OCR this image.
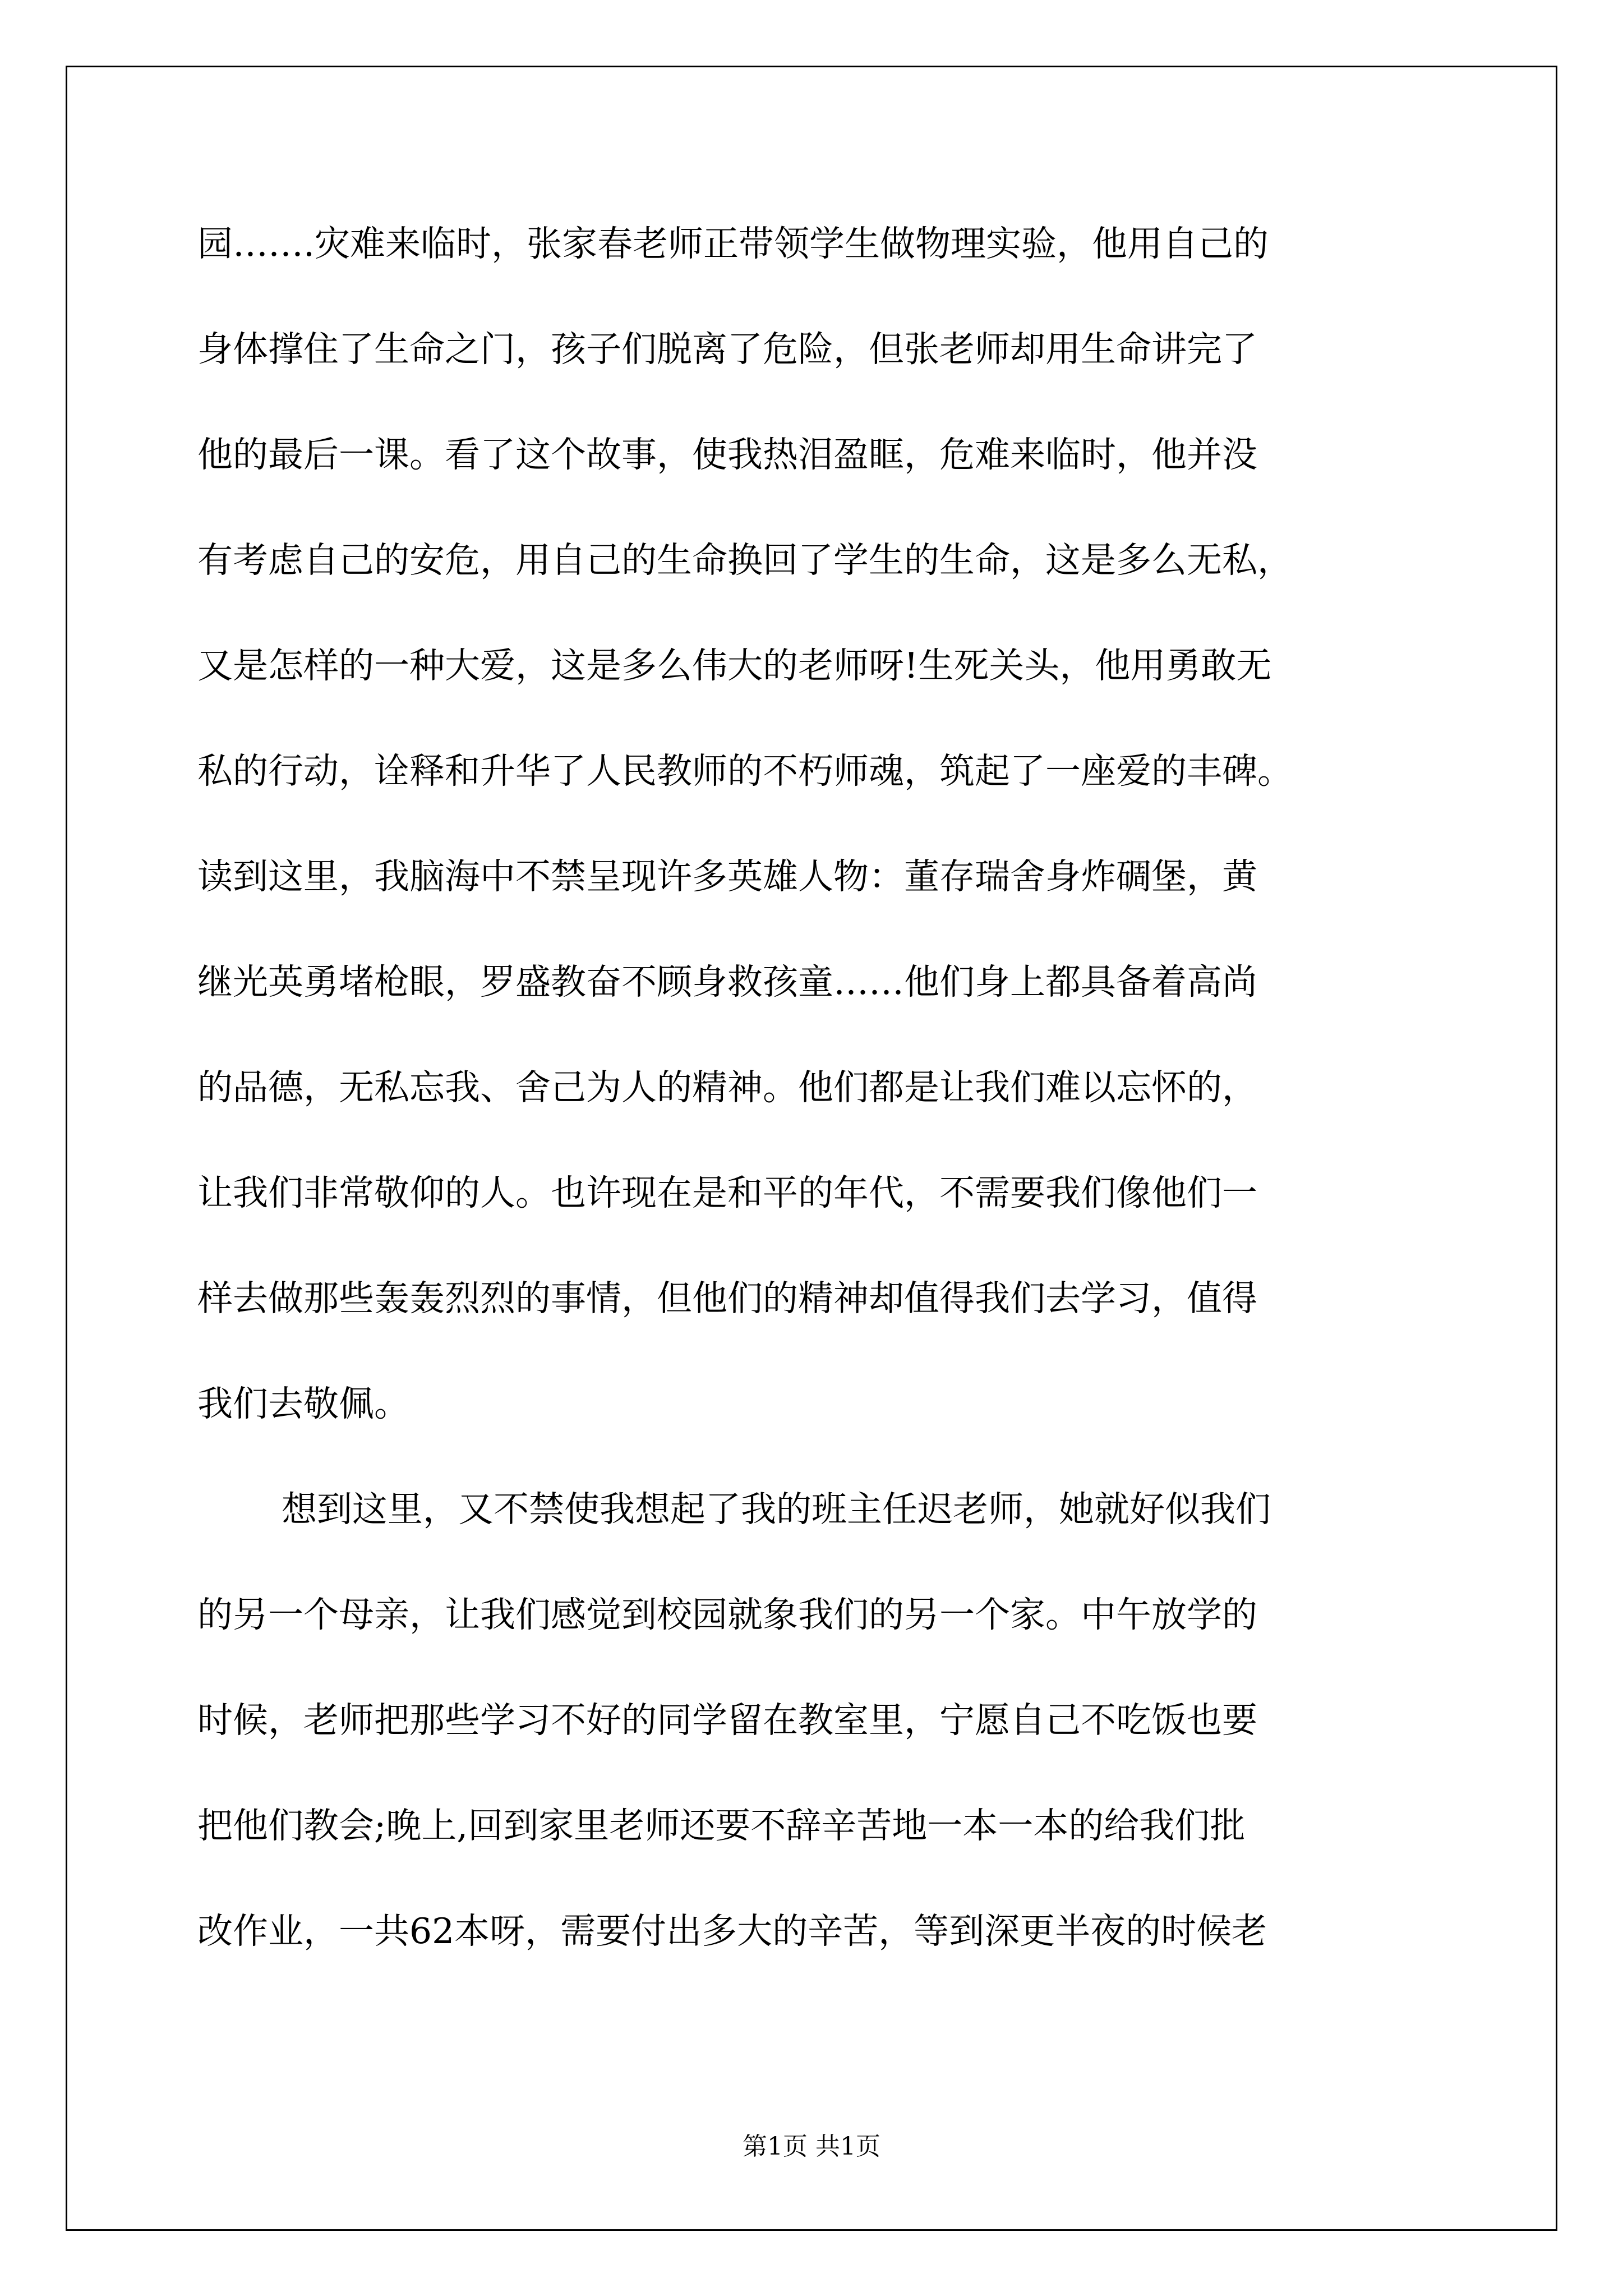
园…….灾难来临时，张家春老师正带领学生做物理实验，他用自己的
身体撑住了生命之门，孩子们脱离了危险，但张老师却用生命讲完了
他的最后一课。看了这个故事，使我热泪盈眶，危难来临时，他并没
有考虑自己的安危，用自己的生命换回了学生的生命，这是多么无私，
又是怎样的一种大爱，这是多么伟大的老师呀!生死关头，他用勇敢无
私的行动，诠释和升华了人民教师的不朽师魂，筑起了一座爱的丰碑。
读到这里，我脑海中不禁呈现许多英雄人物：董存瑞舍身炸碉堡，黄
继光英勇堵枪眼，罗盛教奋不顾身救孩童……他们身上都具备着高尚
的品德，无私忘我、舍己为人的精神。他们都是让我们难以忘怀的，
让我们非常敬仰的人。也许现在是和平的年代，不需要我们像他们一
样去做那些轰轰烈烈的事情，但他们的精神却值得我们去学习，值得
我们去敬佩。
想到这里，又不禁使我想起了我的班主任迟老师，她就好似我们
的另一个母亲，让我们感觉到校园就象我们的另一个家。中午放学的
时候，老师把那些学习不好的同学留在教室里，宁愿自己不吃饭也要
把他们教会;晚上,回到家里老师还要不辞辛苦地一本一本的给我们批
改作业，一共62本呀，需要付出多大的辛苦，等到深更半夜的时候老
第1页 共1页
